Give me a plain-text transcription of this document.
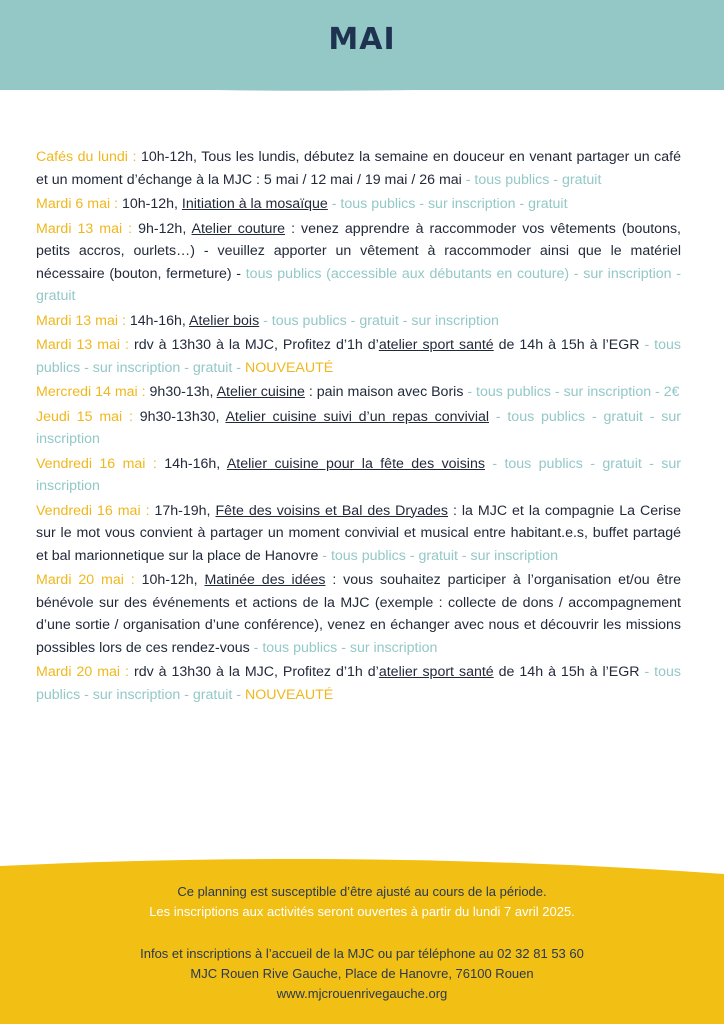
MAI

Cafés du lundi : 10h-12h, Tous les lundis, débutez la semaine en douceur en venant partager un café et un moment d’échange à la MJC : 5 mai / 12 mai / 19 mai / 26 mai - tous publics - gratuit

Mardi 6 mai : 10h-12h, Initiation à la mosaïque - tous publics - sur inscription - gratuit

Mardi 13 mai : 9h-12h, Atelier couture : venez apprendre à raccommoder vos vêtements (boutons, petits accros, ourlets…) - veuillez apporter un vêtement à raccommoder ainsi que le matériel nécessaire (bouton, fermeture) - tous publics (accessible aux débutants en couture) - sur inscription - gratuit

Mardi 13 mai : 14h-16h, Atelier bois - tous publics - gratuit - sur inscription

Mardi 13 mai : rdv à 13h30 à la MJC, Profitez d’1h d’atelier sport santé de 14h à 15h à l’EGR - tous publics - sur inscription - gratuit - NOUVEAUTÉ

Mercredi 14 mai : 9h30-13h, Atelier cuisine : pain maison avec Boris - tous publics - sur inscription - 2€

Jeudi 15 mai : 9h30-13h30, Atelier cuisine suivi d’un repas convivial - tous publics - gratuit - sur inscription

Vendredi 16 mai : 14h-16h, Atelier cuisine pour la fête des voisins - tous publics - gratuit - sur inscription

Vendredi 16 mai : 17h-19h, Fête des voisins et Bal des Dryades : la MJC et la compagnie La Cerise sur le mot vous convient à partager un moment convivial et musical entre habitant.e.s, buffet partagé et bal marionnetique sur la place de Hanovre - tous publics - gratuit - sur inscription

Mardi 20 mai : 10h-12h, Matinée des idées : vous souhaitez participer à l’organisation et/ou être bénévole sur des événements et actions de la MJC (exemple : collecte de dons / accompagnement d’une sortie / organisation d’une conférence), venez en échanger avec nous et découvrir les missions possibles lors de ces rendez-vous - tous publics - sur inscription

Mardi 20 mai : rdv à 13h30 à la MJC, Profitez d’1h d’atelier sport santé de 14h à 15h à l’EGR - tous publics - sur inscription - gratuit - NOUVEAUTÉ

Ce planning est susceptible d’être ajusté au cours de la période.
Les inscriptions aux activités seront ouvertes à partir du lundi 7 avril 2025.
Infos et inscriptions à l’accueil de la MJC ou par téléphone au 02 32 81 53 60
MJC Rouen Rive Gauche, Place de Hanovre, 76100 Rouen
www.mjcrouenrivegauche.org
